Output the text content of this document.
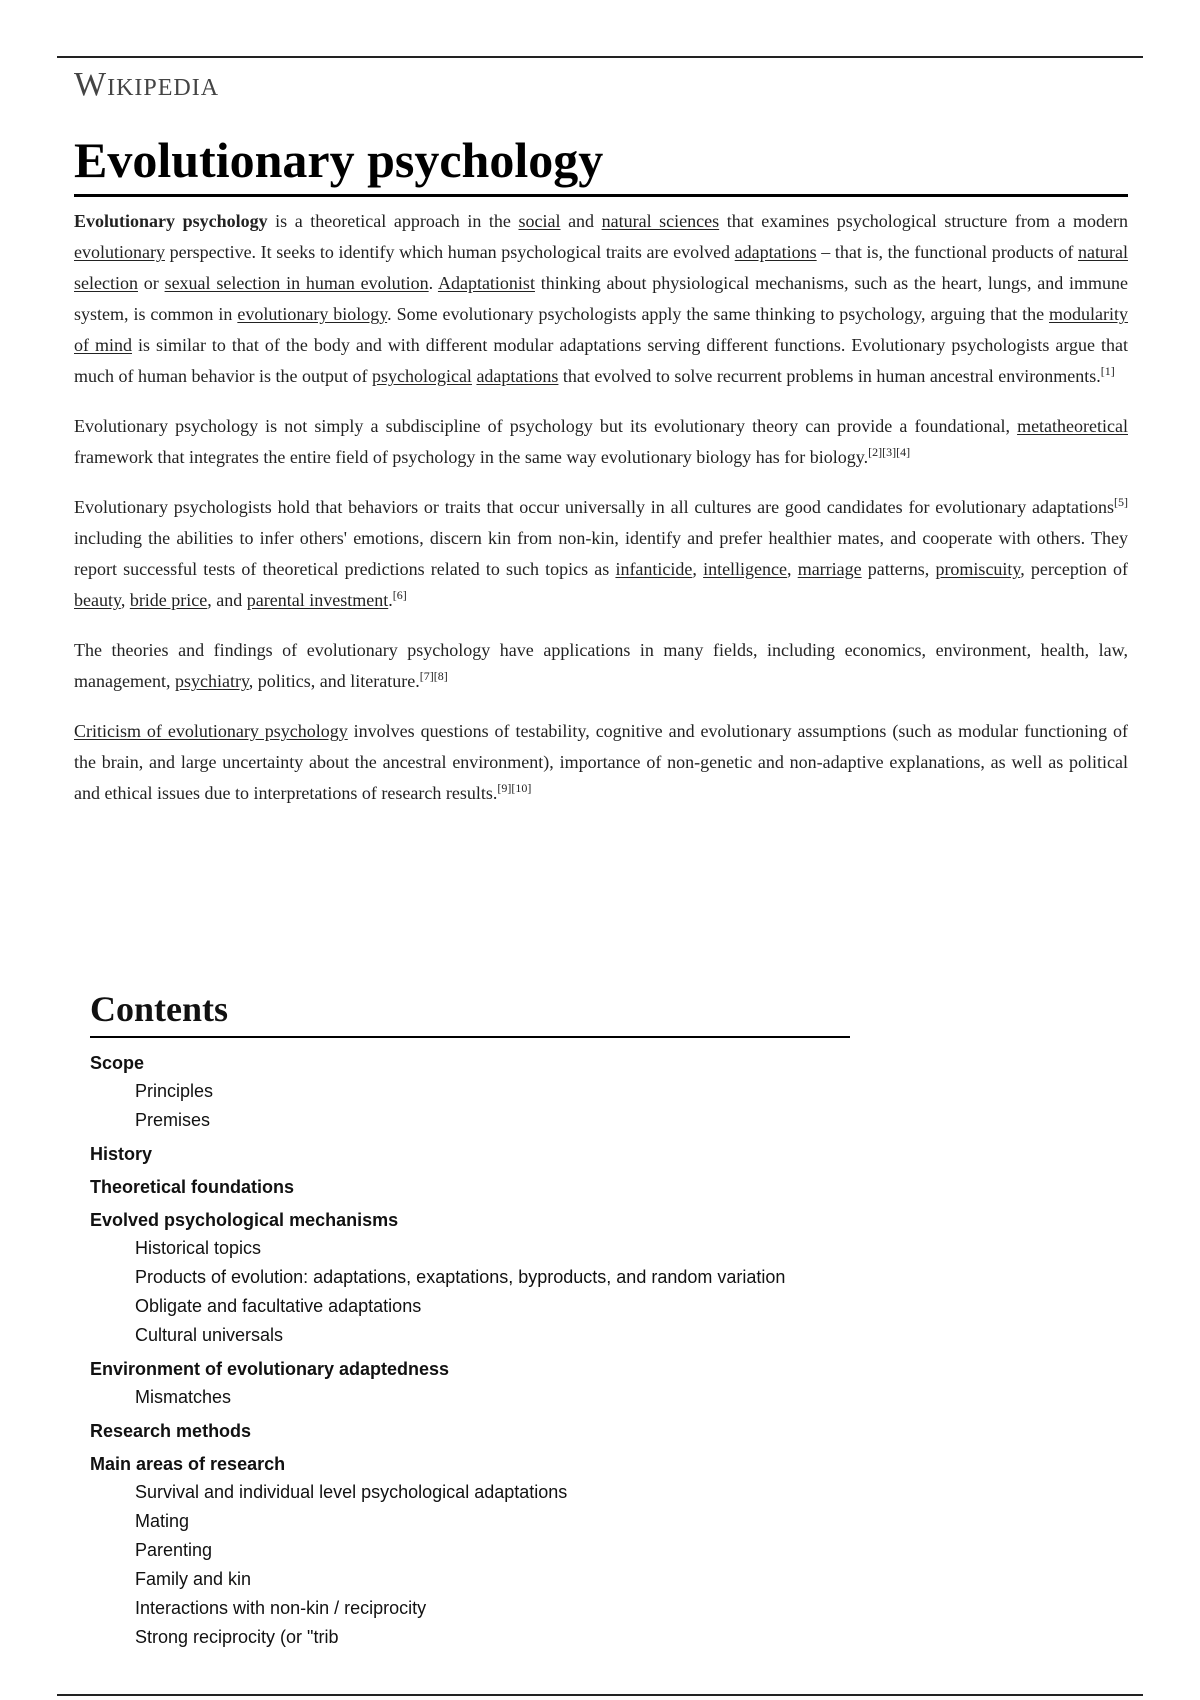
Wikipedia
Evolutionary psychology

Evolutionary psychology is a theoretical approach in the social and natural sciences that examines psychological structure from a modern evolutionary perspective. It seeks to identify which human psychological traits are evolved adaptations – that is, the functional products of natural selection or sexual selection in human evolution. Adaptationist thinking about physiological mechanisms, such as the heart, lungs, and immune system, is common in evolutionary biology. Some evolutionary psychologists apply the same thinking to psychology, arguing that the modularity of mind is similar to that of the body and with different modular adaptations serving different functions. Evolutionary psychologists argue that much of human behavior is the output of psychological adaptations that evolved to solve recurrent problems in human ancestral environments.[1]

Evolutionary psychology is not simply a subdiscipline of psychology but its evolutionary theory can provide a foundational, metatheoretical framework that integrates the entire field of psychology in the same way evolutionary biology has for biology.[2][3][4]

Evolutionary psychologists hold that behaviors or traits that occur universally in all cultures are good candidates for evolutionary adaptations[5] including the abilities to infer others' emotions, discern kin from non-kin, identify and prefer healthier mates, and cooperate with others. They report successful tests of theoretical predictions related to such topics as infanticide, intelligence, marriage patterns, promiscuity, perception of beauty, bride price, and parental investment.[6]

The theories and findings of evolutionary psychology have applications in many fields, including economics, environment, health, law, management, psychiatry, politics, and literature.[7][8]

Criticism of evolutionary psychology involves questions of testability, cognitive and evolutionary assumptions (such as modular functioning of the brain, and large uncertainty about the ancestral environment), importance of non-genetic and non-adaptive explanations, as well as political and ethical issues due to interpretations of research results.[9][10]

Contents
Scope
Principles
Premises
History
Theoretical foundations
Evolved psychological mechanisms
Historical topics
Products of evolution: adaptations, exaptations, byproducts, and random variation
Obligate and facultative adaptations
Cultural universals
Environment of evolutionary adaptedness
Mismatches
Research methods
Main areas of research
Survival and individual level psychological adaptations
Mating
Parenting
Family and kin
Interactions with non-kin / reciprocity
Strong reciprocity (or "trib
